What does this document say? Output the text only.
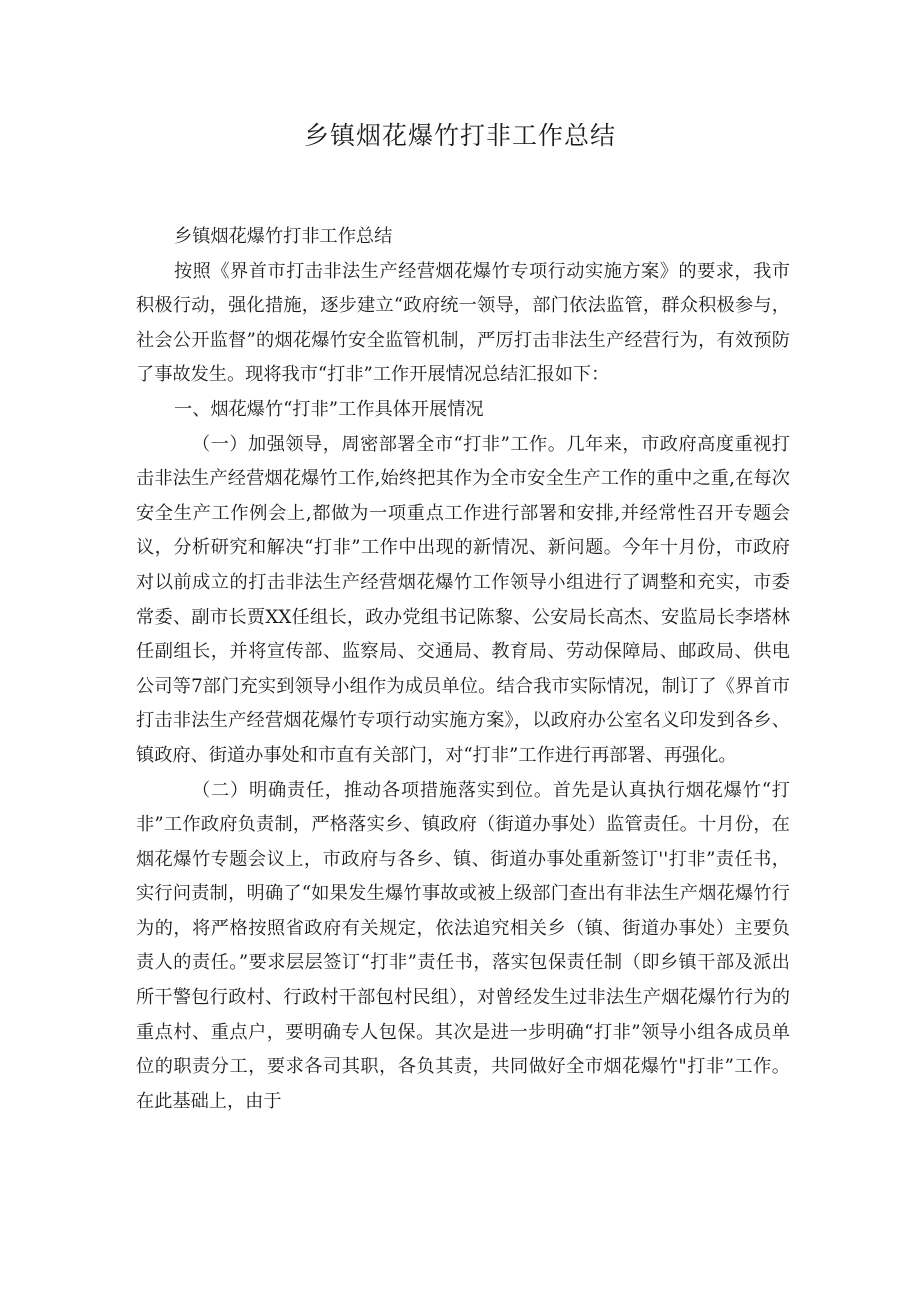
乡镇烟花爆竹打非工作总结

乡镇烟花爆竹打非工作总结

按照《界首市打击非法生产经营烟花爆竹专项行动实施方案》的要求，我市积极行动，强化措施，逐步建立“政府统一领导，部门依法监管，群众积极参与，社会公开监督”的烟花爆竹安全监管机制，严厉打击非法生产经营行为，有效预防了事故发生。现将我市“打非”工作开展情况总结汇报如下：

一、烟花爆竹“打非”工作具体开展情况

（一）加强领导，周密部署全市“打非”工作。几年来，市政府高度重视打击非法生产经营烟花爆竹工作,始终把其作为全市安全生产工作的重中之重,在每次安全生产工作例会上,都做为一项重点工作进行部署和安排,并经常性召开专题会议，分析研究和解决“打非”工作中出现的新情况、新问题。今年十月份，市政府对以前成立的打击非法生产经营烟花爆竹工作领导小组进行了调整和充实，市委常委、副市长贾XX任组长，政办党组书记陈黎、公安局长高杰、安监局长李塔林任副组长，并将宣传部、监察局、交通局、教育局、劳动保障局、邮政局、供电公司等7部门充实到领导小组作为成员单位。结合我市实际情况，制订了《界首市打击非法生产经营烟花爆竹专项行动实施方案》，以政府办公室名义印发到各乡、镇政府、街道办事处和市直有关部门，对“打非”工作进行再部署、再强化。

（二）明确责任，推动各项措施落实到位。首先是认真执行烟花爆竹“打非”工作政府负责制，严格落实乡、镇政府（街道办事处）监管责任。十月份，在烟花爆竹专题会议上，市政府与各乡、镇、街道办事处重新签订''打非”责任书，实行问责制，明确了“如果发生爆竹事故或被上级部门查出有非法生产烟花爆竹行为的，将严格按照省政府有关规定，依法追究相关乡（镇、街道办事处）主要负责人的责任。”要求层层签订“打非”责任书，落实包保责任制（即乡镇干部及派出所干警包行政村、行政村干部包村民组），对曾经发生过非法生产烟花爆竹行为的重点村、重点户，要明确专人包保。其次是进一步明确“打非”领导小组各成员单位的职责分工，要求各司其职，各负其责，共同做好全市烟花爆竹"打非”工作。在此基础上，由于
